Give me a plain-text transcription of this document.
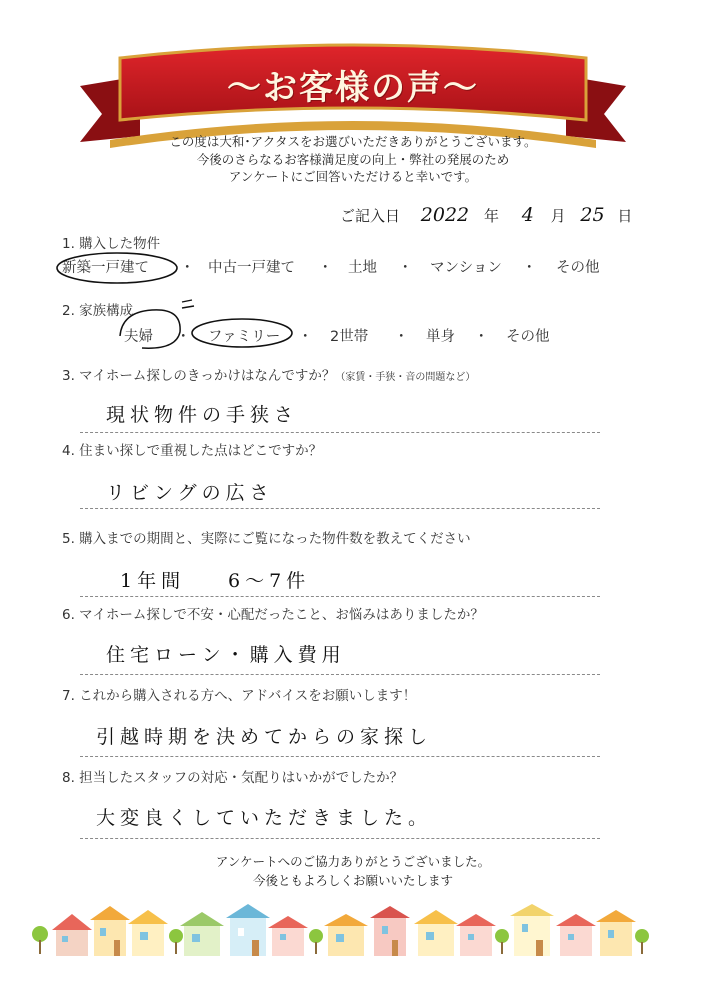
〜お客様の声〜
この度は大和･アクタスをお選びいただきありがとうございます。
今後のさらなるお客様満足度の向上・弊社の発展のため
アンケートにご回答いただけると幸いです。
ご記入日 2022 年 4 月 25 日
1. 購入した物件
新築一戸建て ・ 中古一戸建て ・ 土地 ・ マンション ・ その他
2. 家族構成
夫婦 ・ ファミリー ・ 2世帯 ・ 単身 ・ その他
3. マイホーム探しのきっかけはなんですか？（家賃・手狭・音の問題など）
現状物件の手狭さ
4. 住まい探しで重視した点はどこですか？
リビングの広さ
5. 購入までの期間と、実際にご覧になった物件数を教えてください
1年間 6〜7件
6. マイホーム探しで不安・心配だったこと、お悩みはありましたか？
住宅ローン・購入費用
7. これから購入される方へ、アドバイスをお願いします！
引越時期を決めてからの家探し
8. 担当したスタッフの対応・気配りはいかがでしたか？
大変良くしていただきました。
アンケートへのご協力ありがとうございました。
今後ともよろしくお願いいたします
